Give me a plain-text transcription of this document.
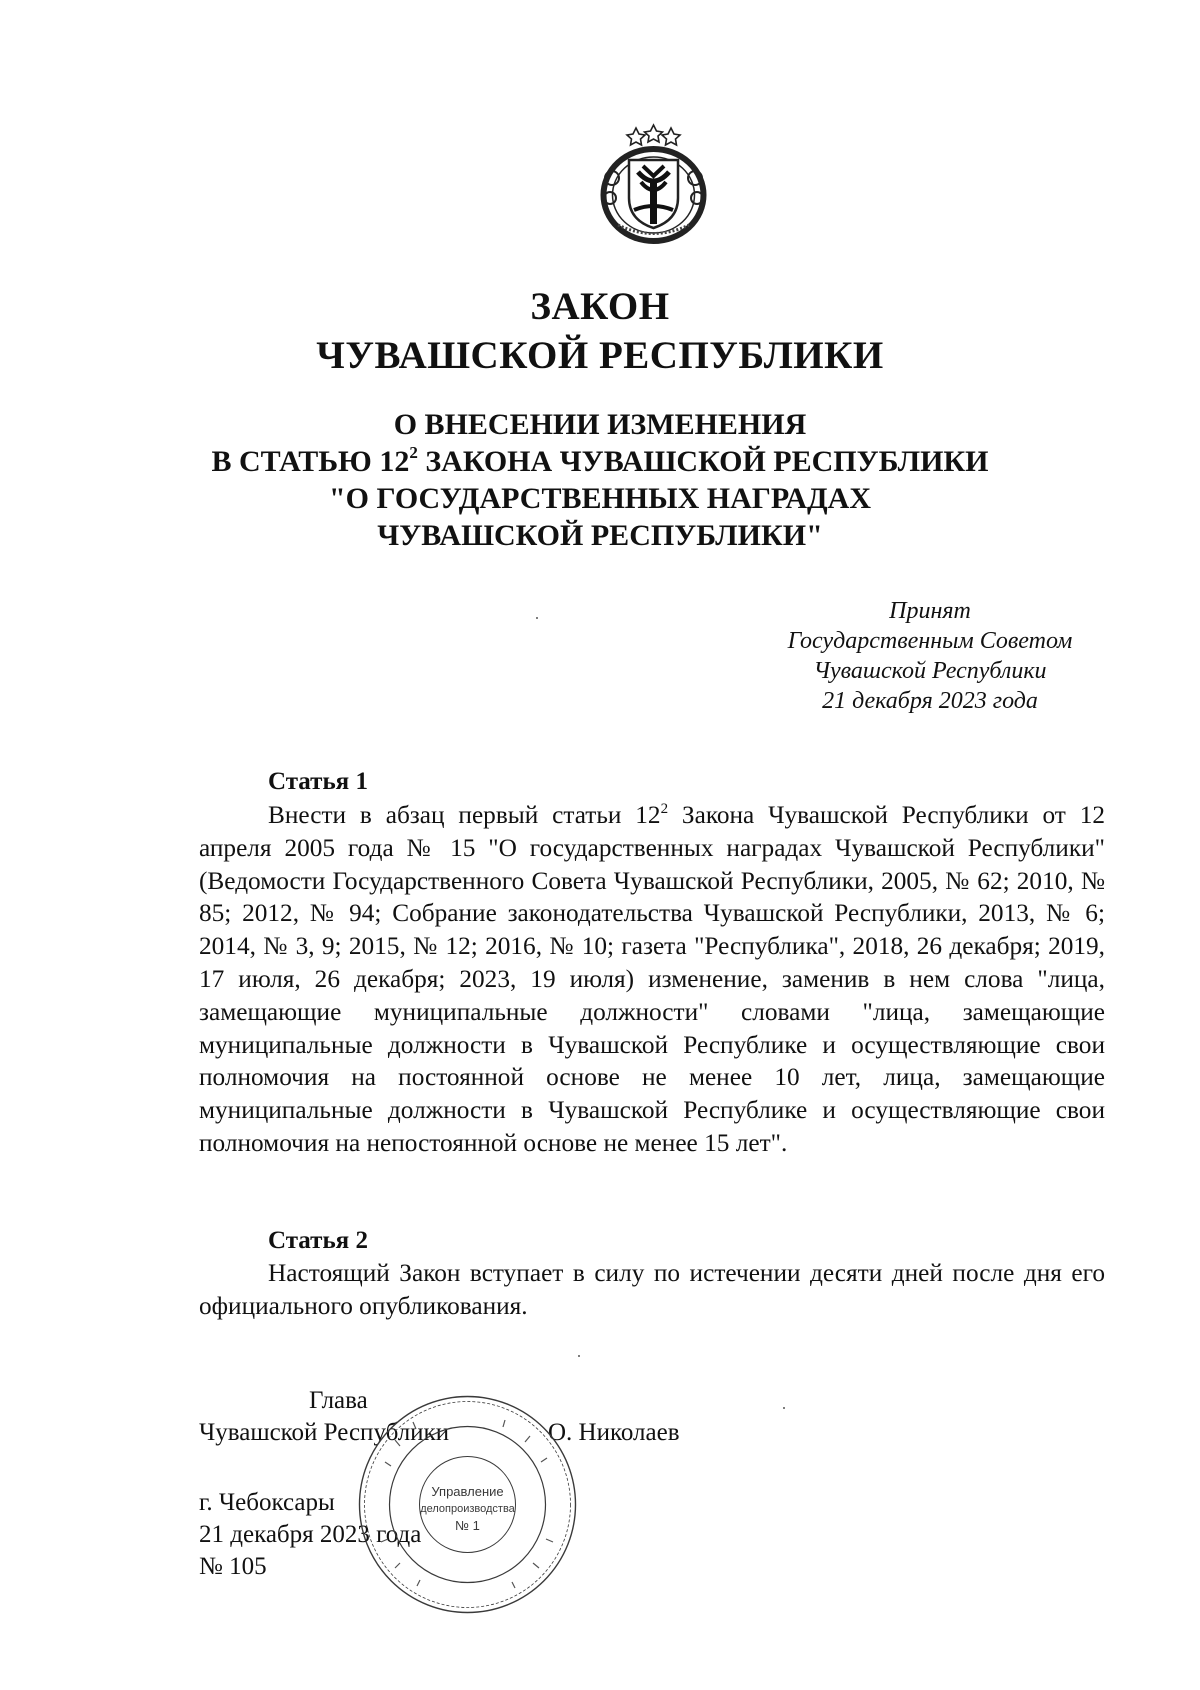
ЗАКОН
ЧУВАШСКОЙ РЕСПУБЛИКИ
О ВНЕСЕНИИ ИЗМЕНЕНИЯ
В СТАТЬЮ $12^2$ ЗАКОНА ЧУВАШСКОЙ РЕСПУБЛИКИ
"О ГОСУДАРСТВЕННЫХ НАГРАДАХ
ЧУВАШСКОЙ РЕСПУБЛИКИ"
Принят
Государственным Советом
Чувашской Республики
21 декабря 2023 года
Статья 1
Внести в абзац первый статьи $12^2$ Закона Чувашской Республики от 12 апреля 2005 года № 15 "О государственных наградах Чувашской Республики" (Ведомости Государственного Совета Чувашской Республики, 2005, № 62; 2010, № 85; 2012, № 94; Собрание законодательства Чувашской Республики, 2013, № 6; 2014, № 3, 9; 2015, № 12; 2016, № 10; газета "Республика", 2018, 26 декабря; 2019, 17 июля, 26 декабря; 2023, 19 июля) изменение, заменив в нем слова "лица, замещающие муниципальные должности" словами "лица, замещающие муниципальные должности в Чувашской Республике и осуществляющие свои полномочия на постоянной основе не менее 10 лет, лица, замещающие муниципальные должности в Чувашской Республике и осуществляющие свои полномочия на непостоянной основе не менее 15 лет".
Статья 2
Настоящий Закон вступает в силу по истечении десяти дней после дня его официального опубликования.
Глава
Чувашской Республики	О. Николаев
г. Чебоксары
21 декабря 2023 года
№ 105
Управление
делопроизводства
№ 1
